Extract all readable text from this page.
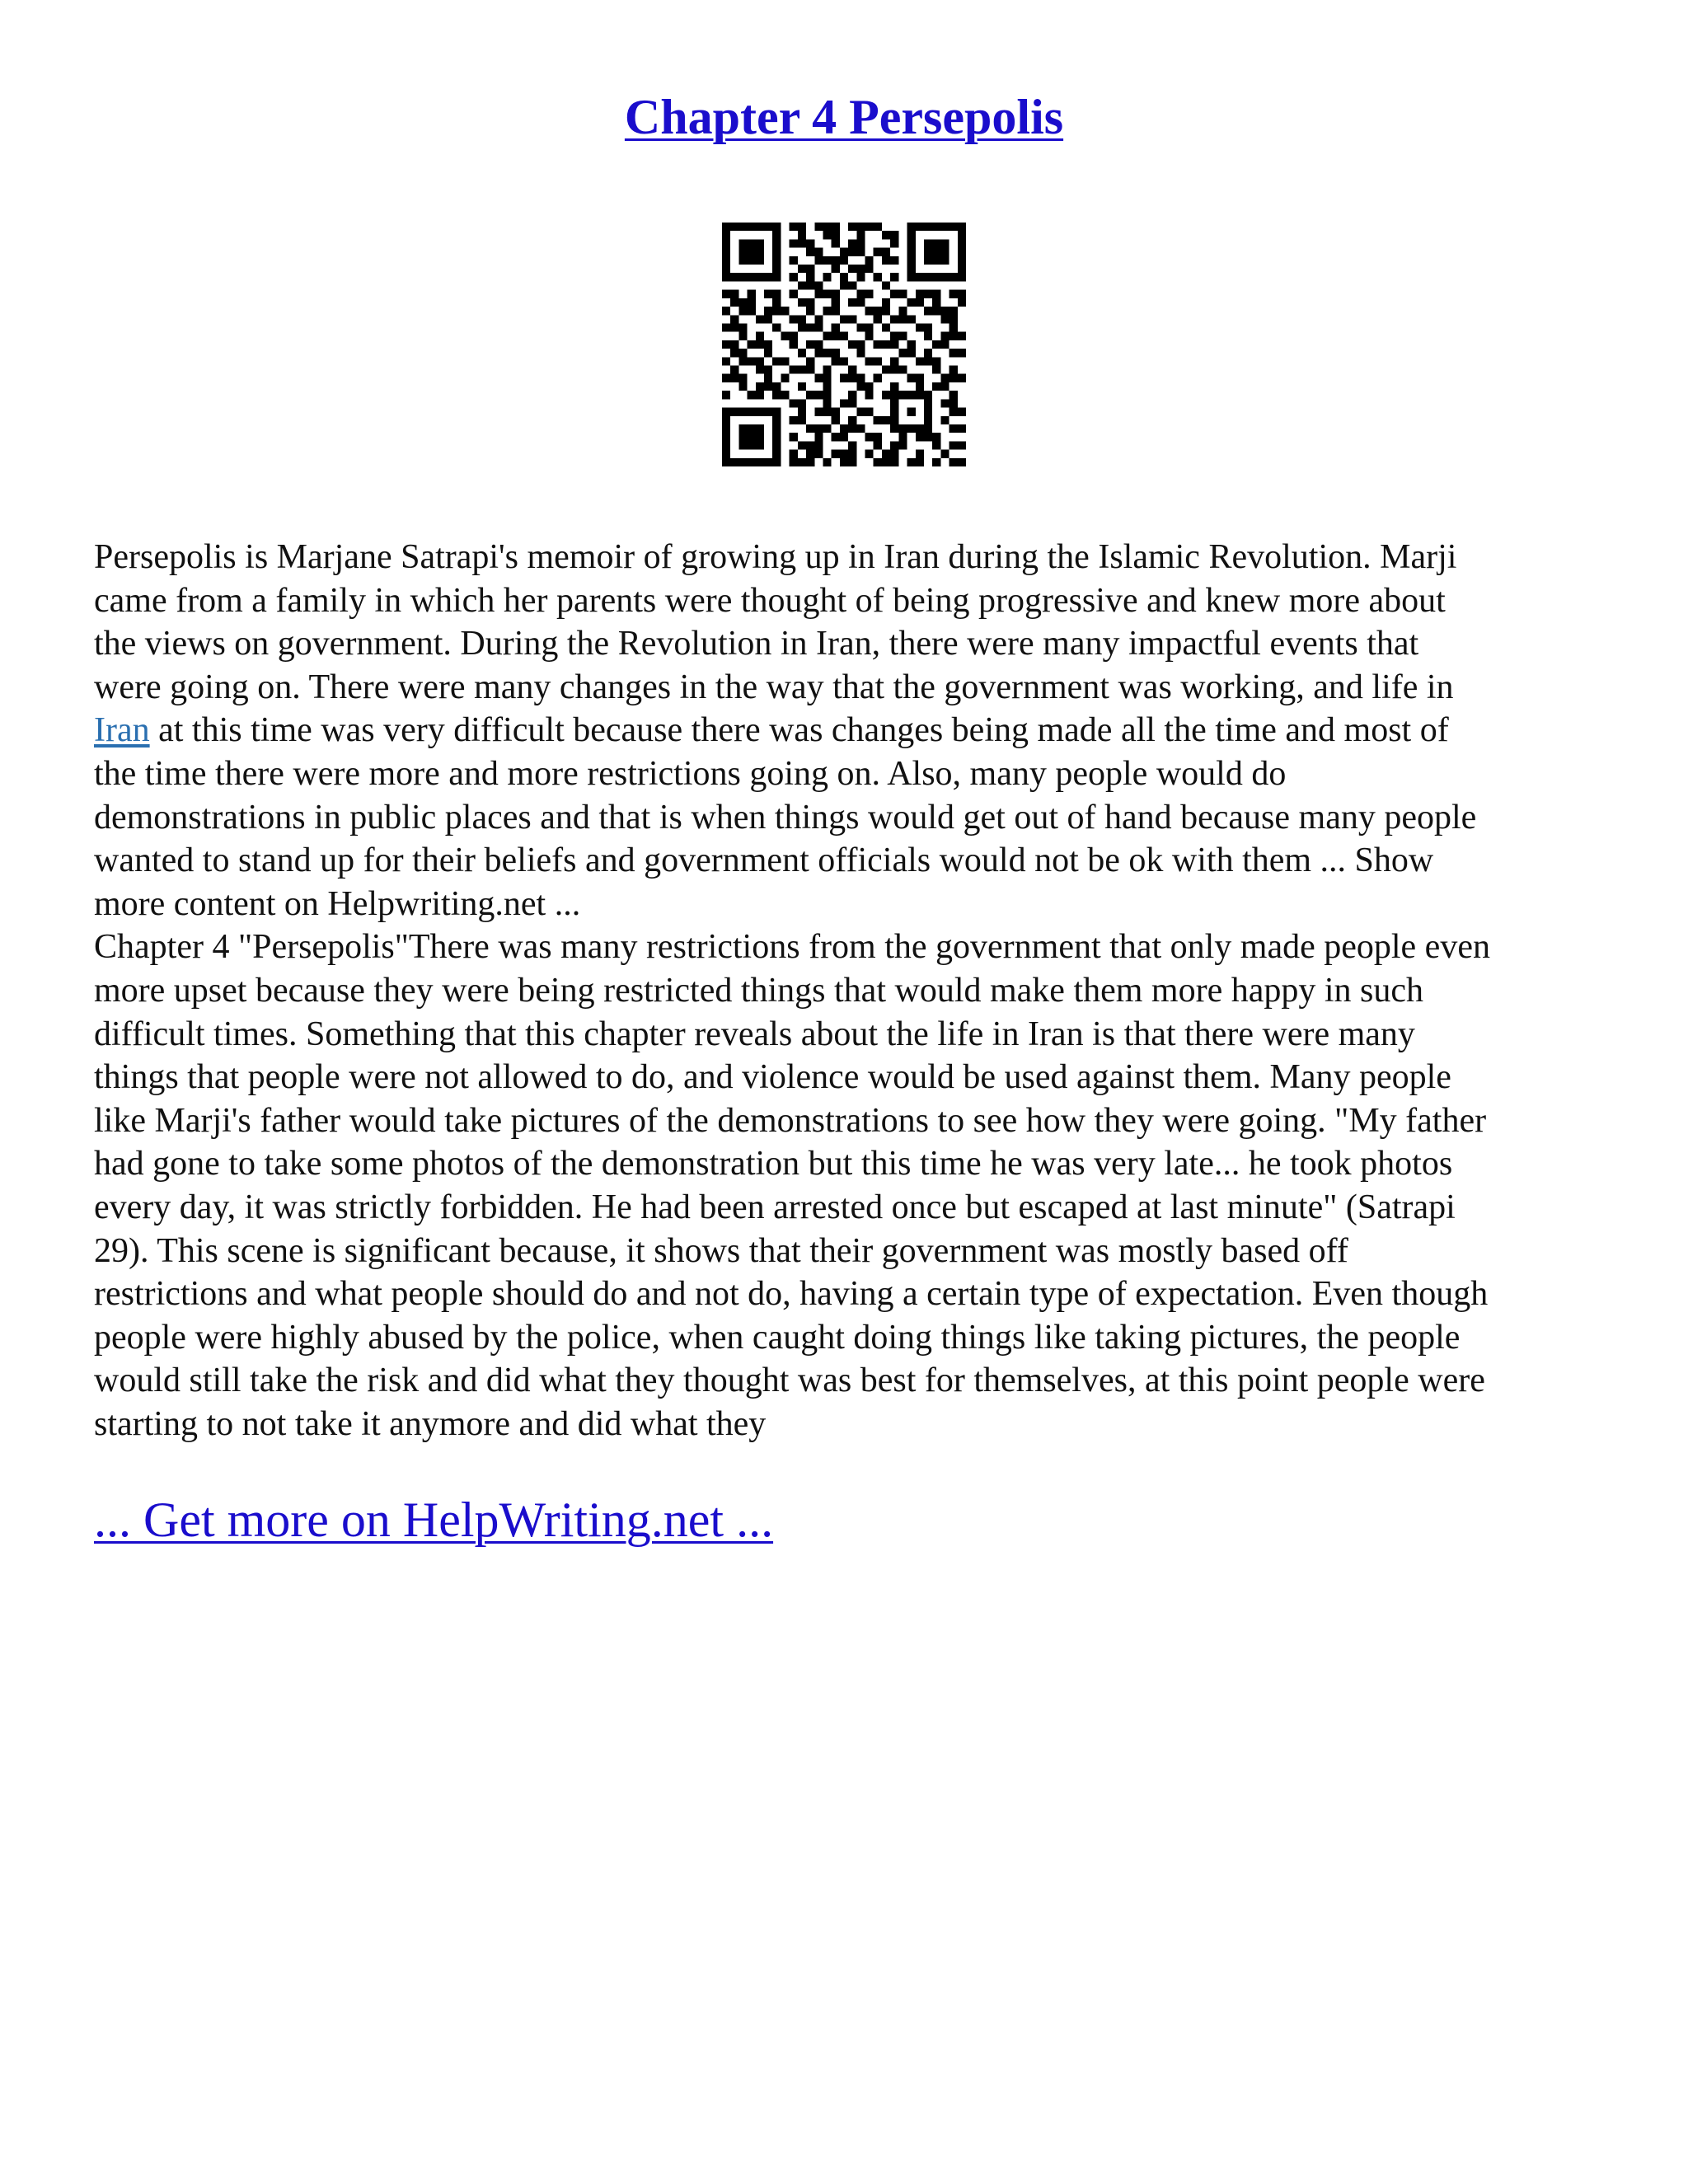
Chapter 4 Persepolis

Persepolis is Marjane Satrapi's memoir of growing up in Iran during the Islamic Revolution. Marji
came from a family in which her parents were thought of being progressive and knew more about
the views on government. During the Revolution in Iran, there were many impactful events that
were going on. There were many changes in the way that the government was working, and life in
Iran at this time was very difficult because there was changes being made all the time and most of
the time there were more and more restrictions going on. Also, many people would do
demonstrations in public places and that is when things would get out of hand because many people
wanted to stand up for their beliefs and government officials would not be ok with them ... Show
more content on Helpwriting.net ...

Chapter 4 "Persepolis"There was many restrictions from the government that only made people even
more upset because they were being restricted things that would make them more happy in such
difficult times. Something that this chapter reveals about the life in Iran is that there were many
things that people were not allowed to do, and violence would be used against them. Many people
like Marji's father would take pictures of the demonstrations to see how they were going. "My father
had gone to take some photos of the demonstration but this time he was very late... he took photos
every day, it was strictly forbidden. He had been arrested once but escaped at last minute" (Satrapi
29). This scene is significant because, it shows that their government was mostly based off
restrictions and what people should do and not do, having a certain type of expectation. Even though
people were highly abused by the police, when caught doing things like taking pictures, the people
would still take the risk and did what they thought was best for themselves, at this point people were
starting to not take it anymore and did what they

... Get more on HelpWriting.net ...
